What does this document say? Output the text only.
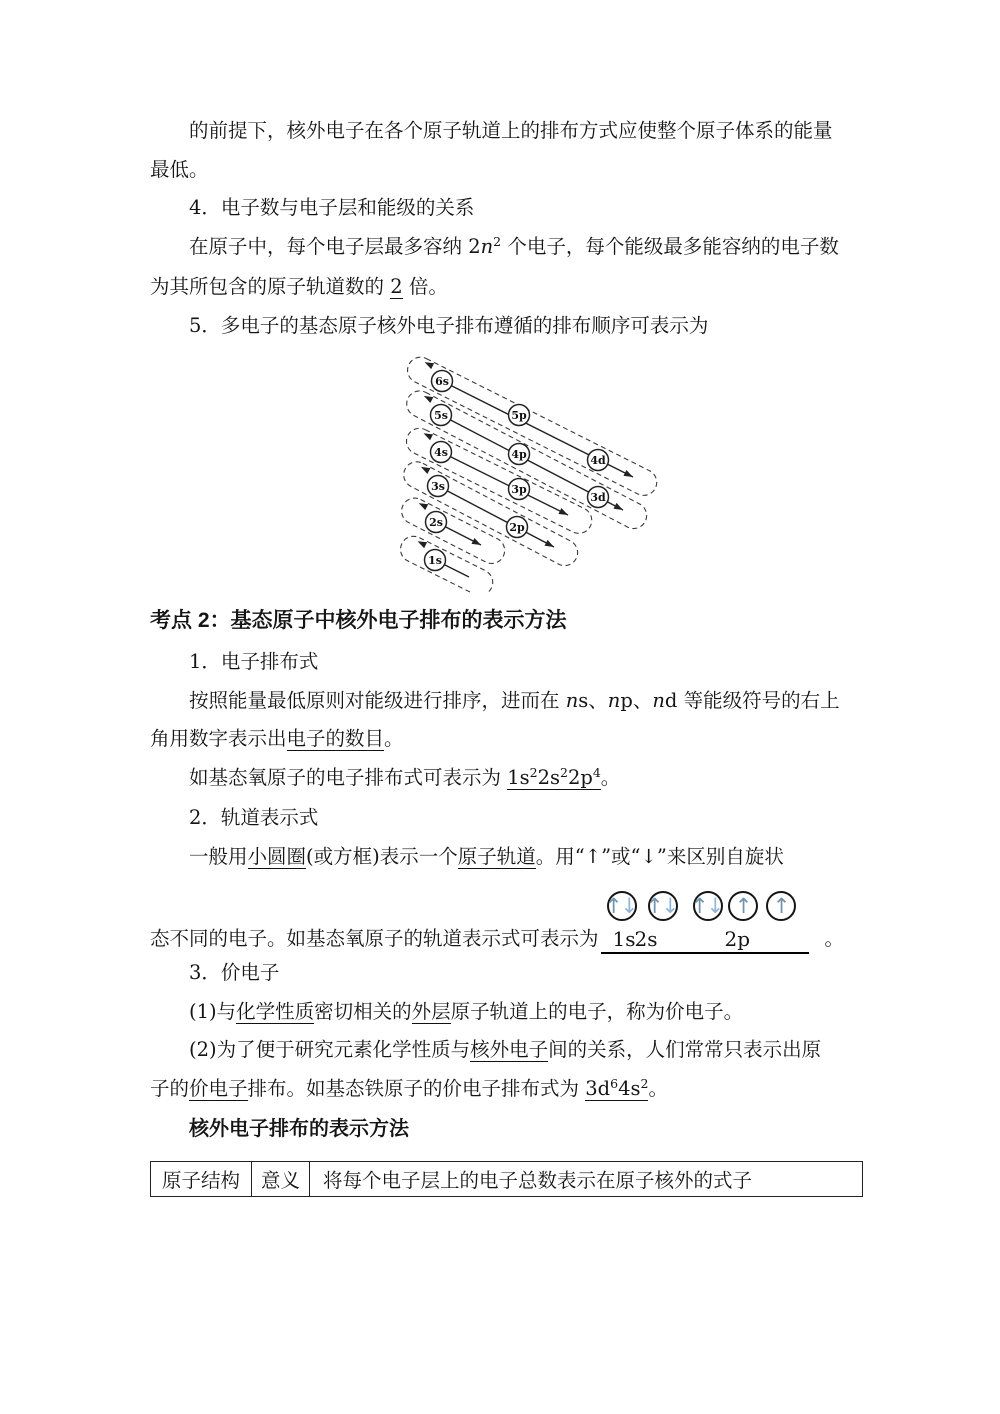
的前提下，核外电子在各个原子轨道上的排布方式应使整个原子体系的能量
最低。
4．电子数与电子层和能级的关系
在原子中，每个电子层最多容纳 $2n^2$ 个电子，每个能级最多能容纳的电子数
为其所包含的原子轨道数的 2 倍。
5．多电子的基态原子核外电子排布遵循的排布顺序可表示为
1s
2s
3s
2p
4s
3p
5s
4p
3d
6s
5p
4d
考点 2：基态原子中核外电子排布的表示方法
1．电子排布式
按照能量最低原则对能级进行排序，进而在 ns、np、nd 等能级符号的右上
角用数字表示出电子的数目。
如基态氧原子的电子排布式可表示为 $1s^22s^22p^4$。
2．轨道表示式
一般用小圆圈(或方框)表示一个原子轨道。用“↑”或“↓”来区别自旋状
态不同的电子。如基态氧原子的轨道表示式可表示为
↑
↓ ↑
↓ ↑
↓ ↑ ↑
1s 2s	2p	。
3．价电子
(1)与化学性质密切相关的外层原子轨道上的电子，称为价电子。
(2)为了便于研究元素化学性质与核外电子间的关系，人们常常只表示出原
子的价电子排布。如基态铁原子的价电子排布式为 $3d^64s^2$。
核外电子排布的表示方法
原子结构	意义	将每个电子层上的电子总数表示在原子核外的式子
